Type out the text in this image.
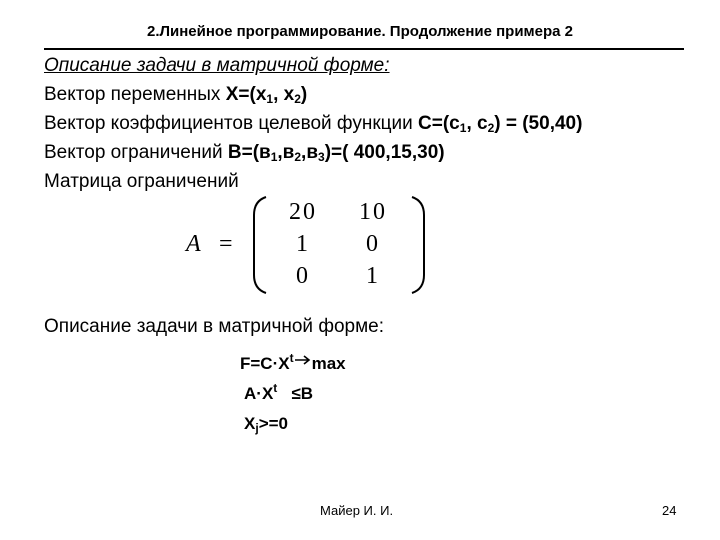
2.Линейное программирование. Продолжение примера 2
Описание задачи в матричной форме:
Вектор переменных $X=(x_1$, $x_2$)
Вектор коэффициентов целевой функции $C=(c_1$, $c_2) = (50,40)$
Вектор ограничений $B=(в_1,в_2,в_3)=$( 400,15,30)
Матрица ограничений
A =
20	10
1	0
0	1
Описание задачи в матричной форме:
$F=C\cdot X^t$ max
$A\cdot X^t \le B$
$X_j>=0$
Майер И. И.	24
